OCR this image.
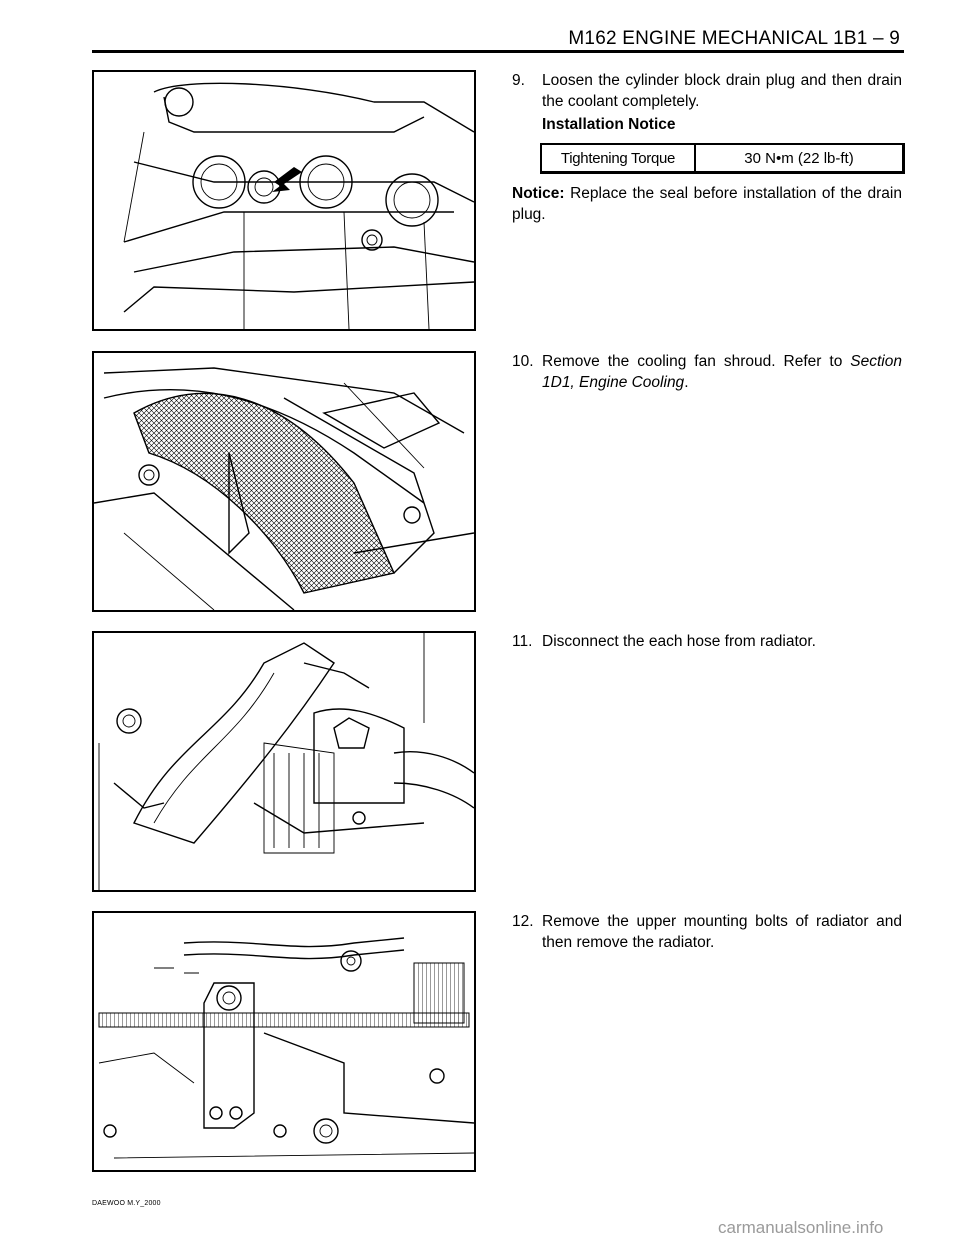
M162 ENGINE MECHANICAL 1B1 – 9
9. Loosen the cylinder block drain plug and then drain the coolant completely.
Installation Notice
Tightening Torque	30 N•m (22 lb-ft)
Notice: Replace the seal before installation of the drain plug.
10. Remove the cooling fan shroud. Refer to Section 1D1, Engine Cooling.
11. Disconnect the each hose from radiator.
12. Remove the upper mounting bolts of radiator and then remove the radiator.
DAEWOO M.Y_2000
carmanualsonline.info
